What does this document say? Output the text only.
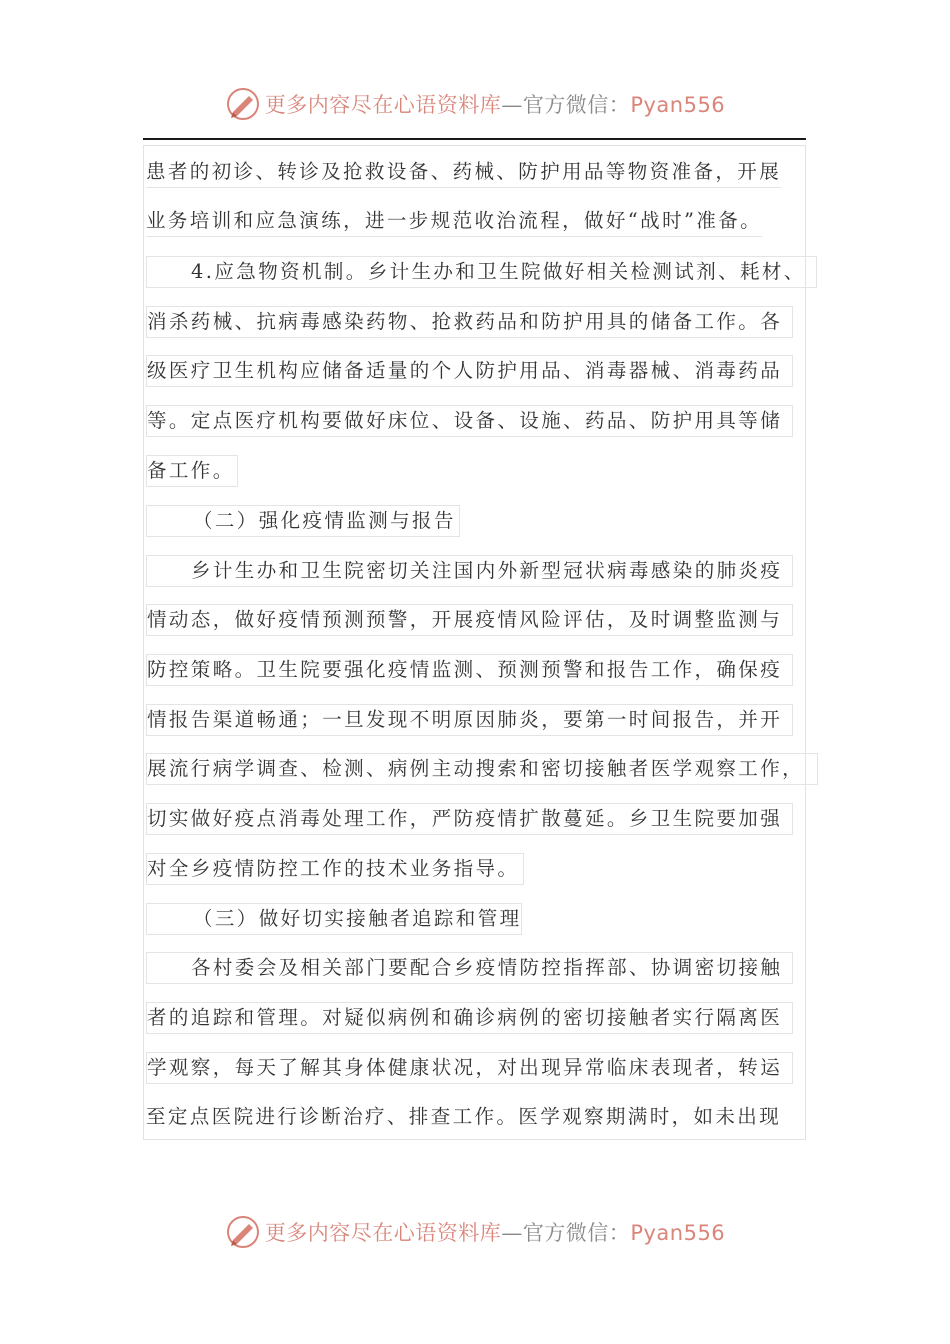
更多内容尽在心语资料库—官方微信：Pyan556
患者的初诊、转诊及抢救设备、药械、防护用品等物资准备，开展
业务培训和应急演练，进一步规范收治流程，做好“战时”准备。
4.应急物资机制。乡计生办和卫生院做好相关检测试剂、耗材、
消杀药械、抗病毒感染药物、抢救药品和防护用具的储备工作。各
级医疗卫生机构应储备适量的个人防护用品、消毒器械、消毒药品
等。定点医疗机构要做好床位、设备、设施、药品、防护用具等储
备工作。
（二）强化疫情监测与报告
乡计生办和卫生院密切关注国内外新型冠状病毒感染的肺炎疫
情动态，做好疫情预测预警，开展疫情风险评估，及时调整监测与
防控策略。卫生院要强化疫情监测、预测预警和报告工作，确保疫
情报告渠道畅通；一旦发现不明原因肺炎，要第一时间报告，并开
展流行病学调查、检测、病例主动搜索和密切接触者医学观察工作，
切实做好疫点消毒处理工作，严防疫情扩散蔓延。乡卫生院要加强
对全乡疫情防控工作的技术业务指导。
（三）做好切实接触者追踪和管理
各村委会及相关部门要配合乡疫情防控指挥部、协调密切接触
者的追踪和管理。对疑似病例和确诊病例的密切接触者实行隔离医
学观察，每天了解其身体健康状况，对出现异常临床表现者，转运
至定点医院进行诊断治疗、排查工作。医学观察期满时，如未出现
更多内容尽在心语资料库—官方微信：Pyan556
